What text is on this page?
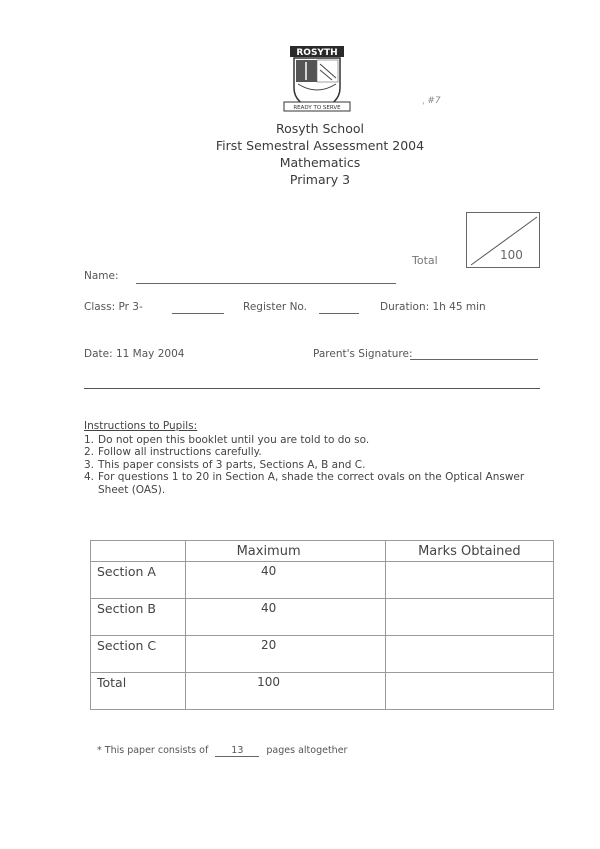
ROSYTH
READY TO SERVE
ˌ #7
Rosyth School
First Semestral Assessment 2004
Mathematics
Primary 3
Total	100
Name:
Class: Pr 3-	Register No.	Duration: 1h 45 min
Date: 11 May 2004	Parent's Signature:
Instructions to Pupils:
1. Do not open this booklet until you are told to do so.
2. Follow all instructions carefully.
3. This paper consists of 3 parts, Sections A, B and C.
4. For questions 1 to 20 in Section A, shade the correct ovals on the Optical Answer Sheet (OAS).
	Maximum	Marks Obtained
Section A	40	
Section B	40	
Section C	20	
Total	100	
* This paper consists of 13 pages altogether
